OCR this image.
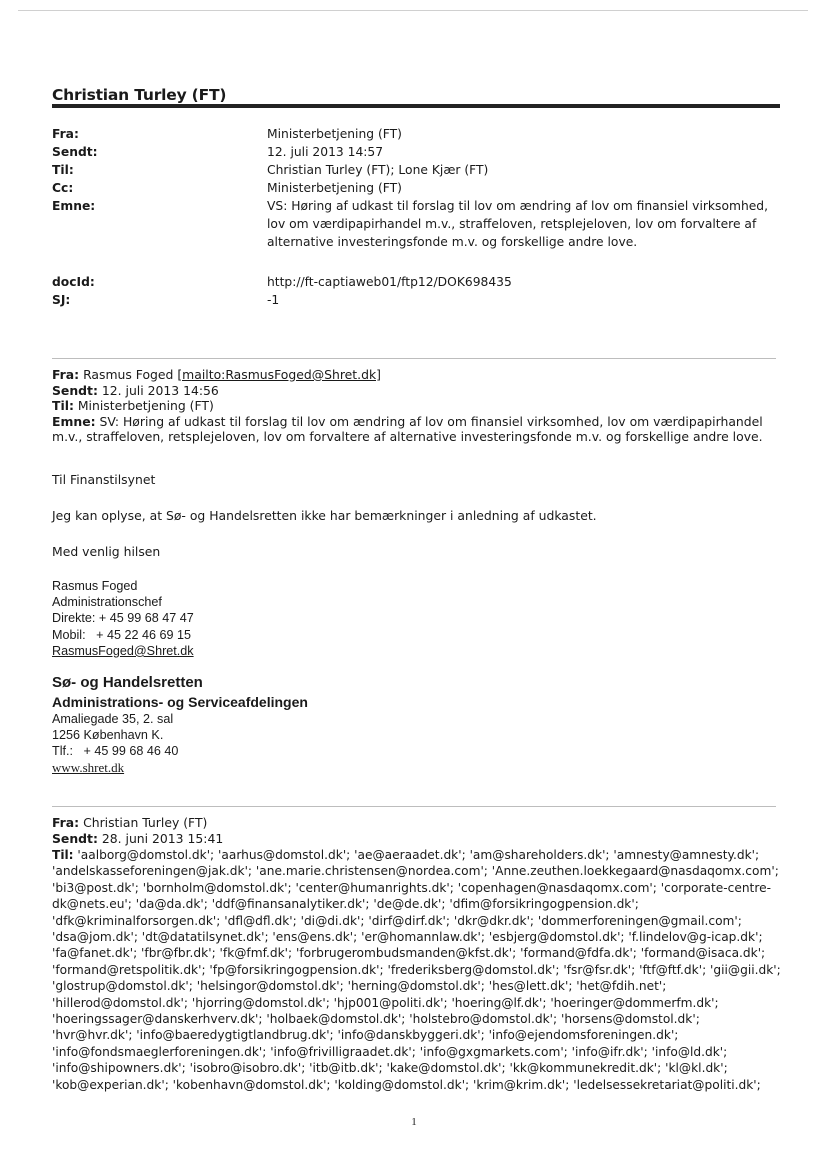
Christian Turley (FT)
Fra:	Ministerbetjening (FT)
Sendt:	12. juli 2013 14:57
Til:	Christian Turley (FT); Lone Kjær (FT)
Cc:	Ministerbetjening (FT)
Emne:	VS: Høring af udkast til forslag til lov om ændring af lov om finansiel virksomhed, lov om værdipapirhandel m.v., straffeloven, retsplejeloven, lov om forvaltere af alternative investeringsfonde m.v. og forskellige andre love.
docId:	http://ft-captiaweb01/ftp12/DOK698435
SJ:	-1
Fra: Rasmus Foged [mailto:RasmusFoged@Shret.dk]
Sendt: 12. juli 2013 14:56
Til: Ministerbetjening (FT)
Emne: SV: Høring af udkast til forslag til lov om ændring af lov om finansiel virksomhed, lov om værdipapirhandel m.v., straffeloven, retsplejeloven, lov om forvaltere af alternative investeringsfonde m.v. og forskellige andre love.
Til Finanstilsynet
Jeg kan oplyse, at Sø- og Handelsretten ikke har bemærkninger i anledning af udkastet.
Med venlig hilsen
Rasmus Foged
Administrationschef
Direkte: + 45 99 68 47 47
Mobil:   + 45 22 46 69 15
RasmusFoged@Shret.dk
Sø- og Handelsretten
Administrations- og Serviceafdelingen
Amaliegade 35, 2. sal
1256 København K.
Tlf.:   + 45 99 68 46 40
www.shret.dk
Fra: Christian Turley (FT)
Sendt: 28. juni 2013 15:41
Til: 'aalborg@domstol.dk'; 'aarhus@domstol.dk'; 'ae@aeraadet.dk'; 'am@shareholders.dk'; 'amnesty@amnesty.dk'; 'andelskasseforeningen@jak.dk'; 'ane.marie.christensen@nordea.com'; 'Anne.zeuthen.loekkegaard@nasdaqomx.com'; 'bi3@post.dk'; 'bornholm@domstol.dk'; 'center@humanrights.dk'; 'copenhagen@nasdaqomx.com'; 'corporate-centre-dk@nets.eu'; 'da@da.dk'; 'ddf@finansanalytiker.dk'; 'de@de.dk'; 'dfim@forsikringogpension.dk'; 'dfk@kriminalforsorgen.dk'; 'dfl@dfl.dk'; 'di@di.dk'; 'dirf@dirf.dk'; 'dkr@dkr.dk'; 'dommerforeningen@gmail.com'; 'dsa@jom.dk'; 'dt@datatilsynet.dk'; 'ens@ens.dk'; 'er@homannlaw.dk'; 'esbjerg@domstol.dk'; 'f.lindelov@g-icap.dk'; 'fa@fanet.dk'; 'fbr@fbr.dk'; 'fk@fmf.dk'; 'forbrugerombudsmanden@kfst.dk'; 'formand@fdfa.dk'; 'formand@isaca.dk'; 'formand@retspolitik.dk'; 'fp@forsikringogpension.dk'; 'frederiksberg@domstol.dk'; 'fsr@fsr.dk'; 'ftf@ftf.dk'; 'gii@gii.dk'; 'glostrup@domstol.dk'; 'helsingor@domstol.dk'; 'herning@domstol.dk'; 'hes@lett.dk'; 'het@fdih.net'; 'hillerod@domstol.dk'; 'hjorring@domstol.dk'; 'hjp001@politi.dk'; 'hoering@lf.dk'; 'hoeringer@dommerfm.dk'; 'hoeringssager@danskerhverv.dk'; 'holbaek@domstol.dk'; 'holstebro@domstol.dk'; 'horsens@domstol.dk'; 'hvr@hvr.dk'; 'info@baeredygtigtlandbrug.dk'; 'info@danskbyggeri.dk'; 'info@ejendomsforeningen.dk'; 'info@fondsmaeglerforeningen.dk'; 'info@frivilligraadet.dk'; 'info@gxgmarkets.com'; 'info@ifr.dk'; 'info@ld.dk'; 'info@shipowners.dk'; 'isobro@isobro.dk'; 'itb@itb.dk'; 'kake@domstol.dk'; 'kk@kommunekredit.dk'; 'kl@kl.dk'; 'kob@experian.dk'; 'kobenhavn@domstol.dk'; 'kolding@domstol.dk'; 'krim@krim.dk'; 'ledelsessekretariat@politi.dk';
1
